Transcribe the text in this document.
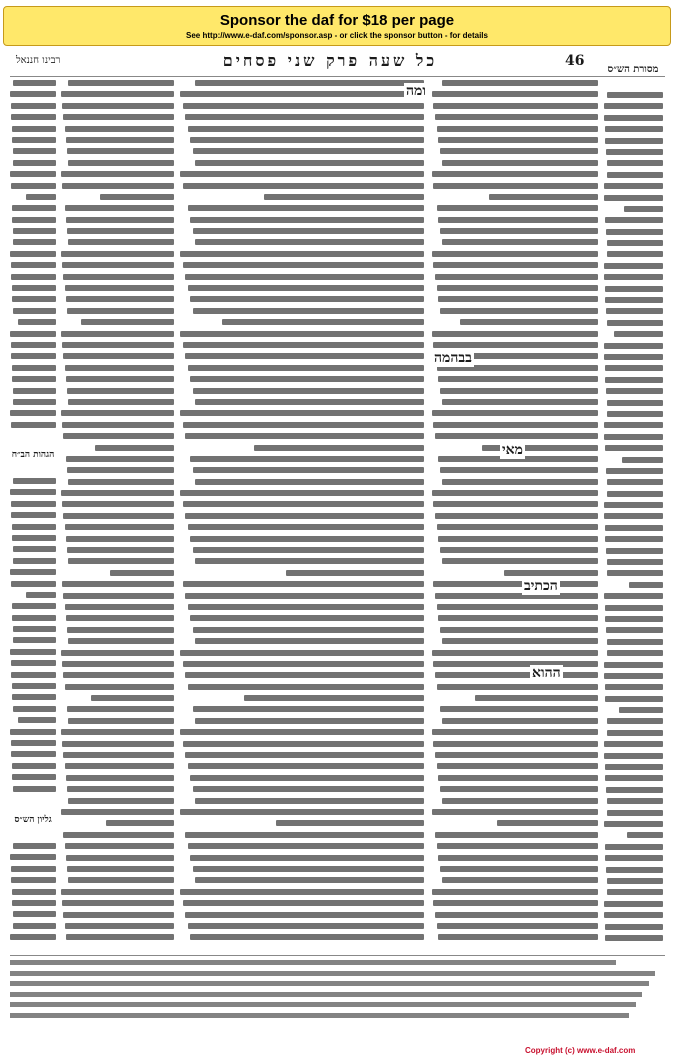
Sponsor the daf for $18 per page
See http://www.e-daf.com/sponsor.asp - or click the sponsor button - for details
רבינו חננאל	כל שעה פרק שני פסחים	46
מסורת הש״ס
הגהות הב״ח
גליון הש״ס
ומה
בבהמה
מאי
הכתיב
ההוא
Copyright (c) www.e-daf.com
